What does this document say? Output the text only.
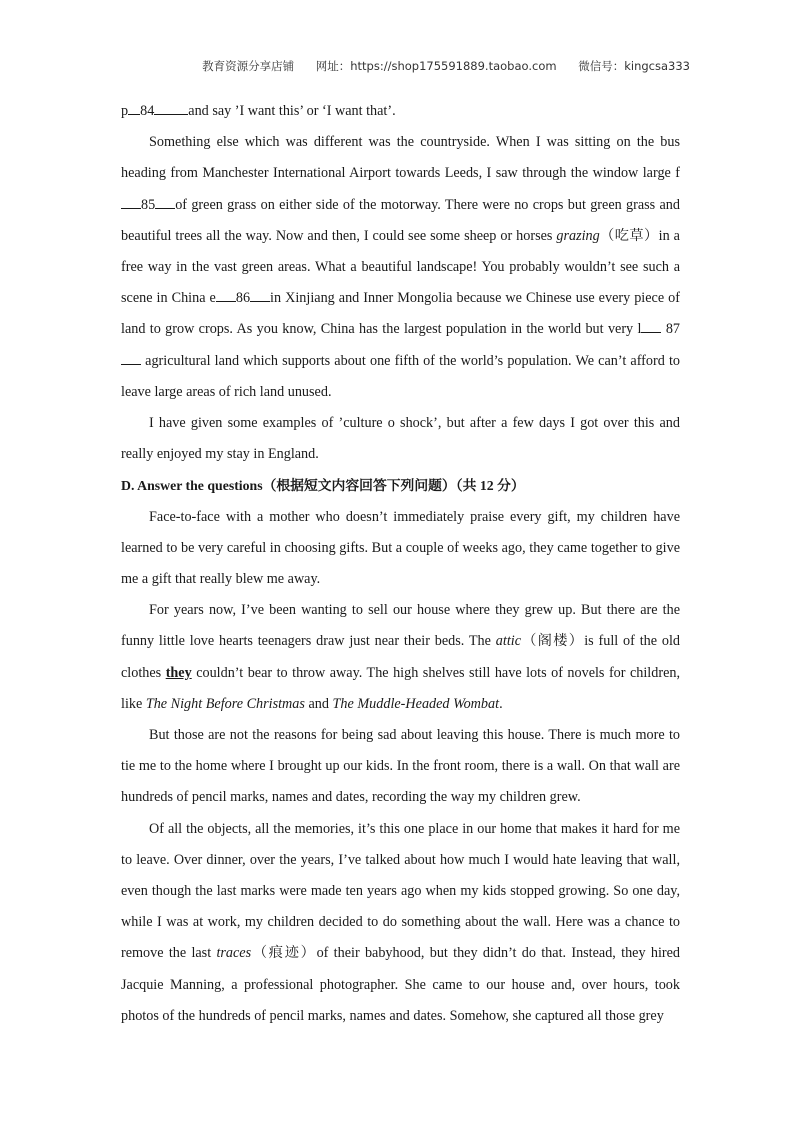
教育资源分享店铺 网址：https://shop175591889.taobao.com 微信号：kingcsa333

p 84 and say ’I want this’ or ‘I want that’.

Something else which was different was the countryside. When I was sitting on the bus heading from Manchester International Airport towards Leeds, I saw through the window large f85 of green grass on either side of the motorway. There were no crops but green grass and beautiful trees all the way. Now and then, I could see some sheep or horses grazing（吃草）in a free way in the vast green areas. What a beautiful landscape! You probably wouldn’t see such a scene in China e 86 in Xinjiang and Inner Mongolia because we Chinese use every piece of land to grow crops. As you know, China has the largest population in the world but very l 87 agricultural land which supports about one fifth of the world’s population. We can’t afford to leave large areas of rich land unused.

I have given some examples of ’culture o shock’, but after a few days I got over this and really enjoyed my stay in England.

D. Answer the questions（根据短文内容回答下列问题）（共 12 分）

Face-to-face with a mother who doesn’t immediately praise every gift, my children have learned to be very careful in choosing gifts. But a couple of weeks ago, they came together to give me a gift that really blew me away.

For years now, I’ve been wanting to sell our house where they grew up. But there are the funny little love hearts teenagers draw just near their beds. The attic（阁楼）is full of the old clothes they couldn’t bear to throw away. The high shelves still have lots of novels for children, like The Night Before Christmas and The Muddle-Headed Wombat.

But those are not the reasons for being sad about leaving this house. There is much more to tie me to the home where I brought up our kids. In the front room, there is a wall. On that wall are hundreds of pencil marks, names and dates, recording the way my children grew.

Of all the objects, all the memories, it’s this one place in our home that makes it hard for me to leave. Over dinner, over the years, I’ve talked about how much I would hate leaving that wall, even though the last marks were made ten years ago when my kids stopped growing. So one day, while I was at work, my children decided to do something about the wall. Here was a chance to remove the last traces（痕迹）of their babyhood, but they didn’t do that. Instead, they hired Jacquie Manning, a professional photographer. She came to our house and, over hours, took photos of the hundreds of pencil marks, names and dates. Somehow, she captured all those grey
